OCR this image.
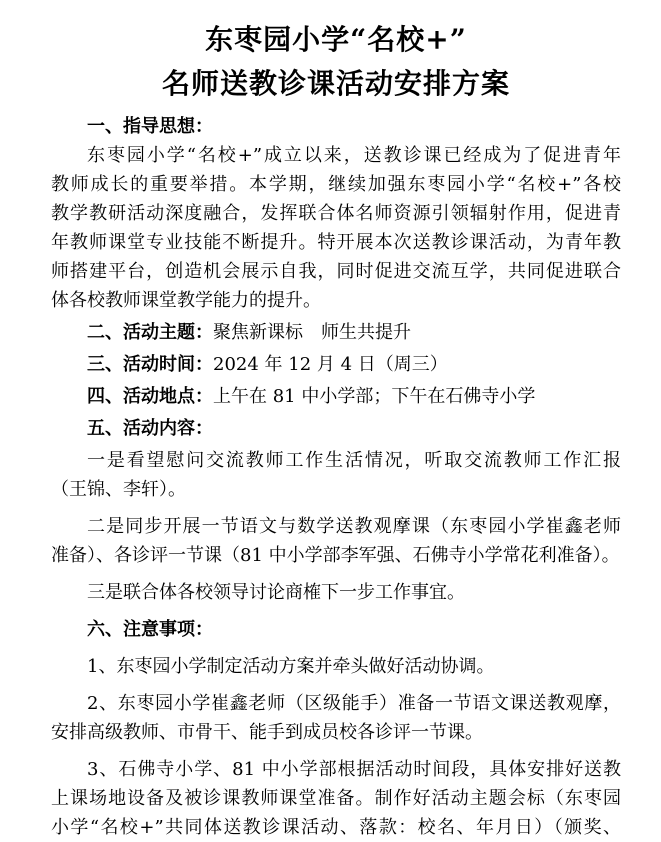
东枣园小学“名校+”
名师送教诊课活动安排方案

一、指导思想：

东枣园小学“名校+”成立以来，送教诊课已经成为了促进青年

教师成长的重要举措。本学期，继续加强东枣园小学“名校+”各校

教学教研活动深度融合，发挥联合体名师资源引领辐射作用，促进青

年教师课堂专业技能不断提升。特开展本次送教诊课活动，为青年教

师搭建平台，创造机会展示自我，同时促进交流互学，共同促进联合

体各校教师课堂教学能力的提升。

二、活动主题：聚焦新课标 师生共提升

三、活动时间：2024 年 12 月 4 日（周三）

四、活动地点：上午在 81 中小学部；下午在石佛寺小学

五、活动内容：

一是看望慰问交流教师工作生活情况，听取交流教师工作汇报

（王锦、李轩）。

二是同步开展一节语文与数学送教观摩课（东枣园小学崔鑫老师

准备）、各诊评一节课（81 中小学部李军强、石佛寺小学常花利准备）。

三是联合体各校领导讨论商榷下一步工作事宜。

六、注意事项：

1、东枣园小学制定活动方案并牵头做好活动协调。

2、东枣园小学崔鑫老师（区级能手）准备一节语文课送教观摩，

安排高级教师、市骨干、能手到成员校各诊评一节课。

3、石佛寺小学、81 中小学部根据活动时间段，具体安排好送教

上课场地设备及被诊课教师课堂准备。制作好活动主题会标（东枣园

小学“名校+”共同体送教诊课活动、落款：校名、年月日）（颁奖、
